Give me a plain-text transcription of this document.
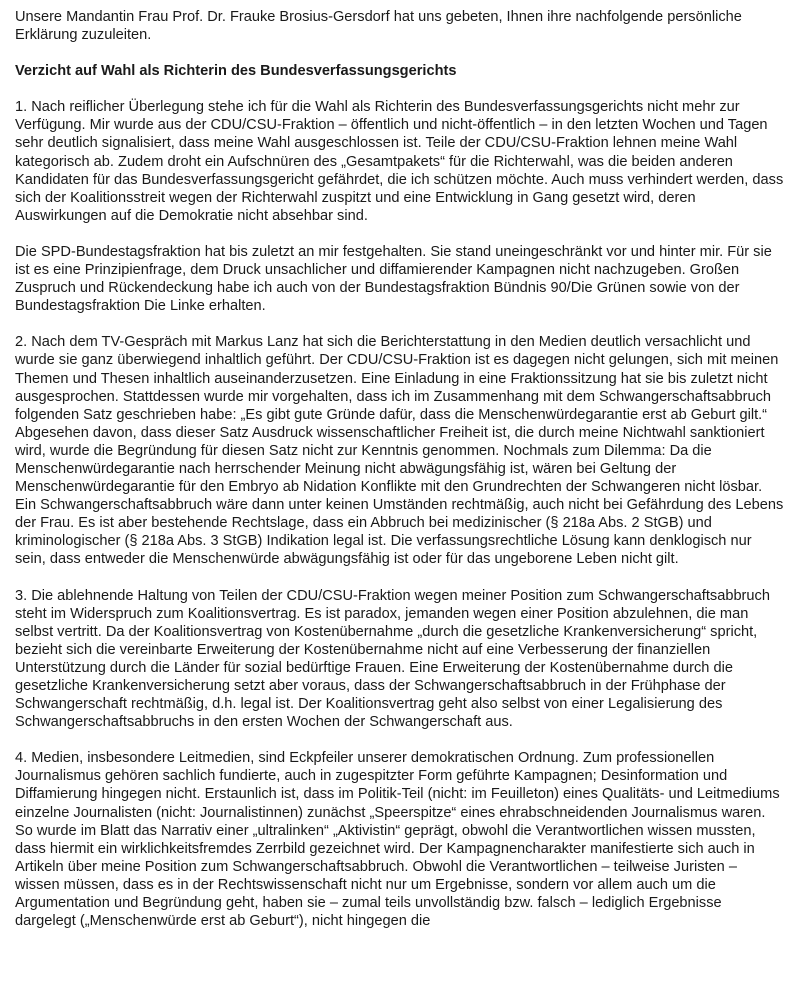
Unsere Mandantin Frau Prof. Dr. Frauke Brosius-Gersdorf hat uns gebeten, Ihnen ihre nachfolgende persönliche Erklärung zuzuleiten.

Verzicht auf Wahl als Richterin des Bundesverfassungsgerichts

1. Nach reiflicher Überlegung stehe ich für die Wahl als Richterin des Bundesverfassungsgerichts nicht mehr zur Verfügung. Mir wurde aus der CDU/CSU-Fraktion – öffentlich und nicht-öffentlich – in den letzten Wochen und Tagen sehr deutlich signalisiert, dass meine Wahl ausgeschlossen ist. Teile der CDU/CSU-Fraktion lehnen meine Wahl kategorisch ab. Zudem droht ein Aufschnüren des „Gesamtpakets“ für die Richterwahl, was die beiden anderen Kandidaten für das Bundesverfassungsgericht gefährdet, die ich schützen möchte. Auch muss verhindert werden, dass sich der Koalitionsstreit wegen der Richterwahl zuspitzt und eine Entwicklung in Gang gesetzt wird, deren Auswirkungen auf die Demokratie nicht absehbar sind.

Die SPD-Bundestagsfraktion hat bis zuletzt an mir festgehalten. Sie stand uneingeschränkt vor und hinter mir. Für sie ist es eine Prinzipienfrage, dem Druck unsachlicher und diffamierender Kampagnen nicht nachzugeben. Großen Zuspruch und Rückendeckung habe ich auch von der Bundestagsfraktion Bündnis 90/Die Grünen sowie von der Bundestagsfraktion Die Linke erhalten.

2. Nach dem TV-Gespräch mit Markus Lanz hat sich die Berichterstattung in den Medien deutlich versachlicht und wurde sie ganz überwiegend inhaltlich geführt. Der CDU/CSU-Fraktion ist es dagegen nicht gelungen, sich mit meinen Themen und Thesen inhaltlich auseinanderzusetzen. Eine Einladung in eine Fraktionssitzung hat sie bis zuletzt nicht ausgesprochen. Stattdessen wurde mir vorgehalten, dass ich im Zusammenhang mit dem Schwangerschaftsabbruch folgenden Satz geschrieben habe: „Es gibt gute Gründe dafür, dass die Menschenwürdegarantie erst ab Geburt gilt.“ Abgesehen davon, dass dieser Satz Ausdruck wissenschaftlicher Freiheit ist, die durch meine Nichtwahl sanktioniert wird, wurde die Begründung für diesen Satz nicht zur Kenntnis genommen. Nochmals zum Dilemma: Da die Menschenwürdegarantie nach herrschender Meinung nicht abwägungsfähig ist, wären bei Geltung der Menschenwürdegarantie für den Embryo ab Nidation Konflikte mit den Grundrechten der Schwangeren nicht lösbar. Ein Schwangerschaftsabbruch wäre dann unter keinen Umständen rechtmäßig, auch nicht bei Gefährdung des Lebens der Frau. Es ist aber bestehende Rechtslage, dass ein Abbruch bei medizinischer (§ 218a Abs. 2 StGB) und kriminologischer (§ 218a Abs. 3 StGB) Indikation legal ist. Die verfassungsrechtliche Lösung kann denklogisch nur sein, dass entweder die Menschenwürde abwägungsfähig ist oder für das ungeborene Leben nicht gilt.

3. Die ablehnende Haltung von Teilen der CDU/CSU-Fraktion wegen meiner Position zum Schwangerschaftsabbruch steht im Widerspruch zum Koalitionsvertrag. Es ist paradox, jemanden wegen einer Position abzulehnen, die man selbst vertritt. Da der Koalitionsvertrag von Kostenübernahme „durch die gesetzliche Krankenversicherung“ spricht, bezieht sich die vereinbarte Erweiterung der Kostenübernahme nicht auf eine Verbesserung der finanziellen Unterstützung durch die Länder für sozial bedürftige Frauen. Eine Erweiterung der Kostenübernahme durch die gesetzliche Krankenversicherung setzt aber voraus, dass der Schwangerschaftsabbruch in der Frühphase der Schwangerschaft rechtmäßig, d.h. legal ist. Der Koalitionsvertrag geht also selbst von einer Legalisierung des Schwangerschaftsabbruchs in den ersten Wochen der Schwangerschaft aus.

4. Medien, insbesondere Leitmedien, sind Eckpfeiler unserer demokratischen Ordnung. Zum professionellen Journalismus gehören sachlich fundierte, auch in zugespitzter Form geführte Kampagnen; Desinformation und Diffamierung hingegen nicht. Erstaunlich ist, dass im Politik-Teil (nicht: im Feuilleton) eines Qualitäts- und Leitmediums einzelne Journalisten (nicht: Journalistinnen) zunächst „Speerspitze“ eines ehrabschneidenden Journalismus waren. So wurde im Blatt das Narrativ einer „ultralinken“ „Aktivistin“ geprägt, obwohl die Verantwortlichen wissen mussten, dass hiermit ein wirklichkeitsfremdes Zerrbild gezeichnet wird. Der Kampagnencharakter manifestierte sich auch in Artikeln über meine Position zum Schwangerschaftsabbruch. Obwohl die Verantwortlichen – teilweise Juristen – wissen müssen, dass es in der Rechtswissenschaft nicht nur um Ergebnisse, sondern vor allem auch um die Argumentation und Begründung geht, haben sie – zumal teils unvollständig bzw. falsch – lediglich Ergebnisse dargelegt („Menschenwürde erst ab Geburt“), nicht hingegen die
